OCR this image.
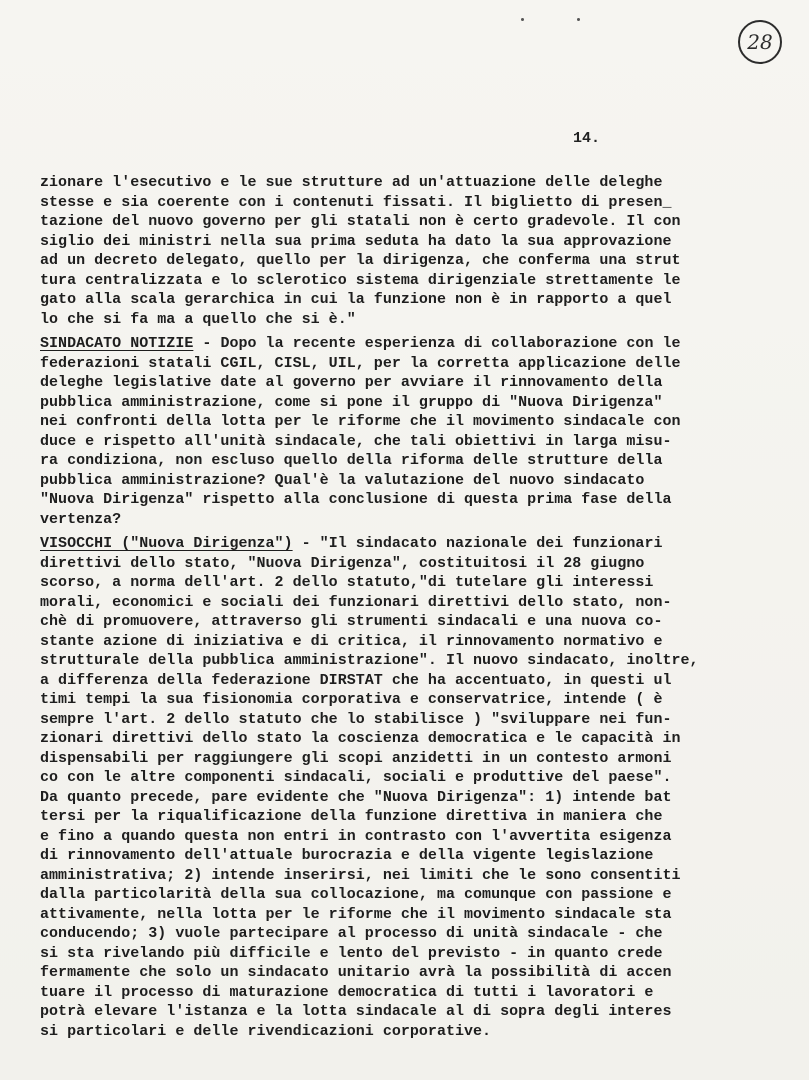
28
14.
zionare l'esecutivo e le sue strutture ad un'attuazione delle deleghe
stesse e sia coerente con i contenuti fissati. Il biglietto di presen_
tazione del nuovo governo per gli statali non è certo gradevole. Il con
siglio dei ministri nella sua prima seduta ha dato la sua approvazione
ad un decreto delegato, quello per la dirigenza, che conferma una strut
tura centralizzata e lo sclerotico sistema dirigenziale strettamente le
gato alla scala gerarchica in cui la funzione non è in rapporto a quel
lo che si fa ma a quello che si è."
SINDACATO NOTIZIE - Dopo la recente esperienza di collaborazione con le
federazioni statali CGIL, CISL, UIL, per la corretta applicazione delle
deleghe legislative date al governo per avviare il rinnovamento della
pubblica amministrazione, come si pone il gruppo di "Nuova Dirigenza"
nei confronti della lotta per le riforme che il movimento sindacale con
duce e rispetto all'unità sindacale, che tali obiettivi in larga misu-
ra condiziona, non escluso quello della riforma delle strutture della
pubblica amministrazione? Qual'è la valutazione del nuovo sindacato
"Nuova Dirigenza" rispetto alla conclusione di questa prima fase della
vertenza?
VISOCCHI ("Nuova Dirigenza") - "Il sindacato nazionale dei funzionari
direttivi dello stato, "Nuova Dirigenza", costituitosi il 28 giugno
scorso, a norma dell'art. 2 dello statuto,"di tutelare gli interessi
morali, economici e sociali dei funzionari direttivi dello stato, non-
chè di promuovere, attraverso gli strumenti sindacali e una nuova co-
stante azione di iniziativa e di critica, il rinnovamento normativo e
strutturale della pubblica amministrazione". Il nuovo sindacato, inoltre,
a differenza della federazione DIRSTAT che ha accentuato, in questi ul
timi tempi la sua fisionomia corporativa e conservatrice, intende ( è
sempre l'art. 2 dello statuto che lo stabilisce ) "sviluppare nei fun-
zionari direttivi dello stato la coscienza democratica e le capacità in
dispensabili per raggiungere gli scopi anzidetti in un contesto armoni
co con le altre componenti sindacali, sociali e produttive del paese".
Da quanto precede, pare evidente che "Nuova Dirigenza": 1) intende bat
tersi per la riqualificazione della funzione direttiva in maniera che
e fino a quando questa non entri in contrasto con l'avvertita esigenza
di rinnovamento dell'attuale burocrazia e della vigente legislazione
amministrativa; 2) intende inserirsi, nei limiti che le sono consentiti
dalla particolarità della sua collocazione, ma comunque con passione e
attivamente, nella lotta per le riforme che il movimento sindacale sta
conducendo; 3) vuole partecipare al processo di unità sindacale - che
si sta rivelando più difficile e lento del previsto - in quanto crede
fermamente che solo un sindacato unitario avrà la possibilità di accen
tuare il processo di maturazione democratica di tutti i lavoratori e
potrà elevare l'istanza e la lotta sindacale al di sopra degli interes
si particolari e delle rivendicazioni corporative.
